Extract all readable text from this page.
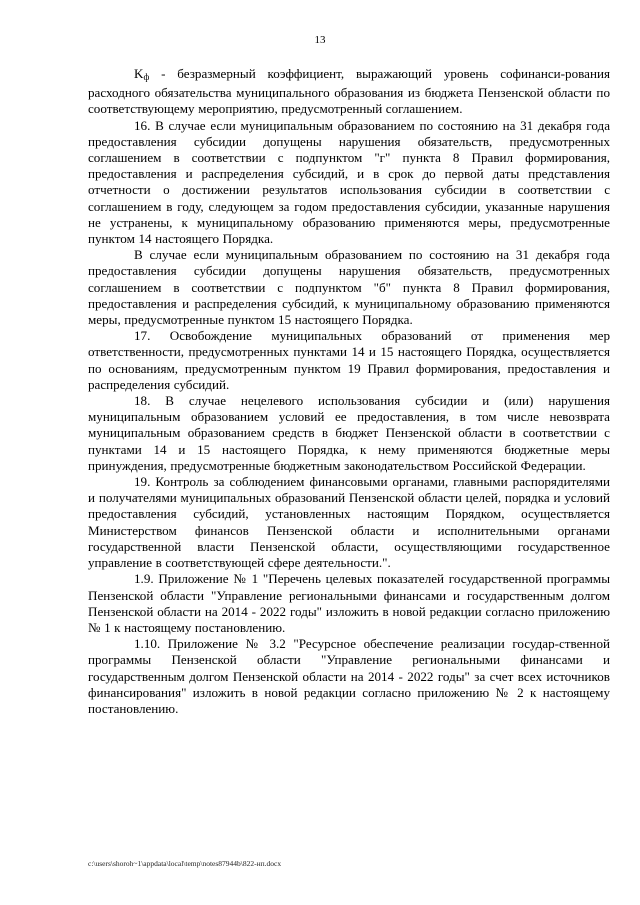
13

$K_ф$ - безразмерный коэффициент, выражающий уровень софинанси-рования расходного обязательства муниципального образования из бюджета Пензенской области по соответствующему мероприятию, предусмотренный соглашением.

16. В случае если муниципальным образованием по состоянию на 31 декабря года предоставления субсидии допущены нарушения обязательств, предусмотренных соглашением в соответствии с подпунктом "г" пункта 8 Правил формирования, предоставления и распределения субсидий, и в срок до первой даты представления отчетности о достижении результатов использования субсидии в соответствии с соглашением в году, следующем за годом предоставления субсидии, указанные нарушения не устранены, к муниципальному образованию применяются меры, предусмотренные пунктом 14 настоящего Порядка.

В случае если муниципальным образованием по состоянию на 31 декабря года предоставления субсидии допущены нарушения обязательств, предусмотренных соглашением в соответствии с подпунктом "б" пункта 8 Правил формирования, предоставления и распределения субсидий, к муниципальному образованию применяются меры, предусмотренные пунктом 15 настоящего Порядка.

17. Освобождение муниципальных образований от применения мер ответственности, предусмотренных пунктами 14 и 15 настоящего Порядка, осуществляется по основаниям, предусмотренным пунктом 19 Правил формирования, предоставления и распределения субсидий.

18. В случае нецелевого использования субсидии и (или) нарушения муниципальным образованием условий ее предоставления, в том числе невозврата муниципальным образованием средств в бюджет Пензенской области в соответствии с пунктами 14 и 15 настоящего Порядка, к нему применяются бюджетные меры принуждения, предусмотренные бюджетным законодательством Российской Федерации.

19. Контроль за соблюдением финансовыми органами, главными распорядителями и получателями муниципальных образований Пензенской области целей, порядка и условий предоставления субсидий, установленных настоящим Порядком, осуществляется Министерством финансов Пензенской области и исполнительными органами государственной власти Пензенской области, осуществляющими государственное управление в соответствующей сфере деятельности.".

1.9. Приложение № 1 "Перечень целевых показателей государственной программы Пензенской области "Управление региональными финансами и государственным долгом Пензенской области на 2014 - 2022 годы" изложить в новой редакции согласно приложению № 1 к настоящему постановлению.

1.10. Приложение № 3.2 "Ресурсное обеспечение реализации государ-ственной программы Пензенской области "Управление региональными финансами и государственным долгом Пензенской области на 2014 - 2022 годы" за счет всех источников финансирования" изложить в новой редакции согласно приложению № 2 к настоящему постановлению.

c:\users\shoroh~1\appdata\local\temp\notes87944b\822-нп.docx
